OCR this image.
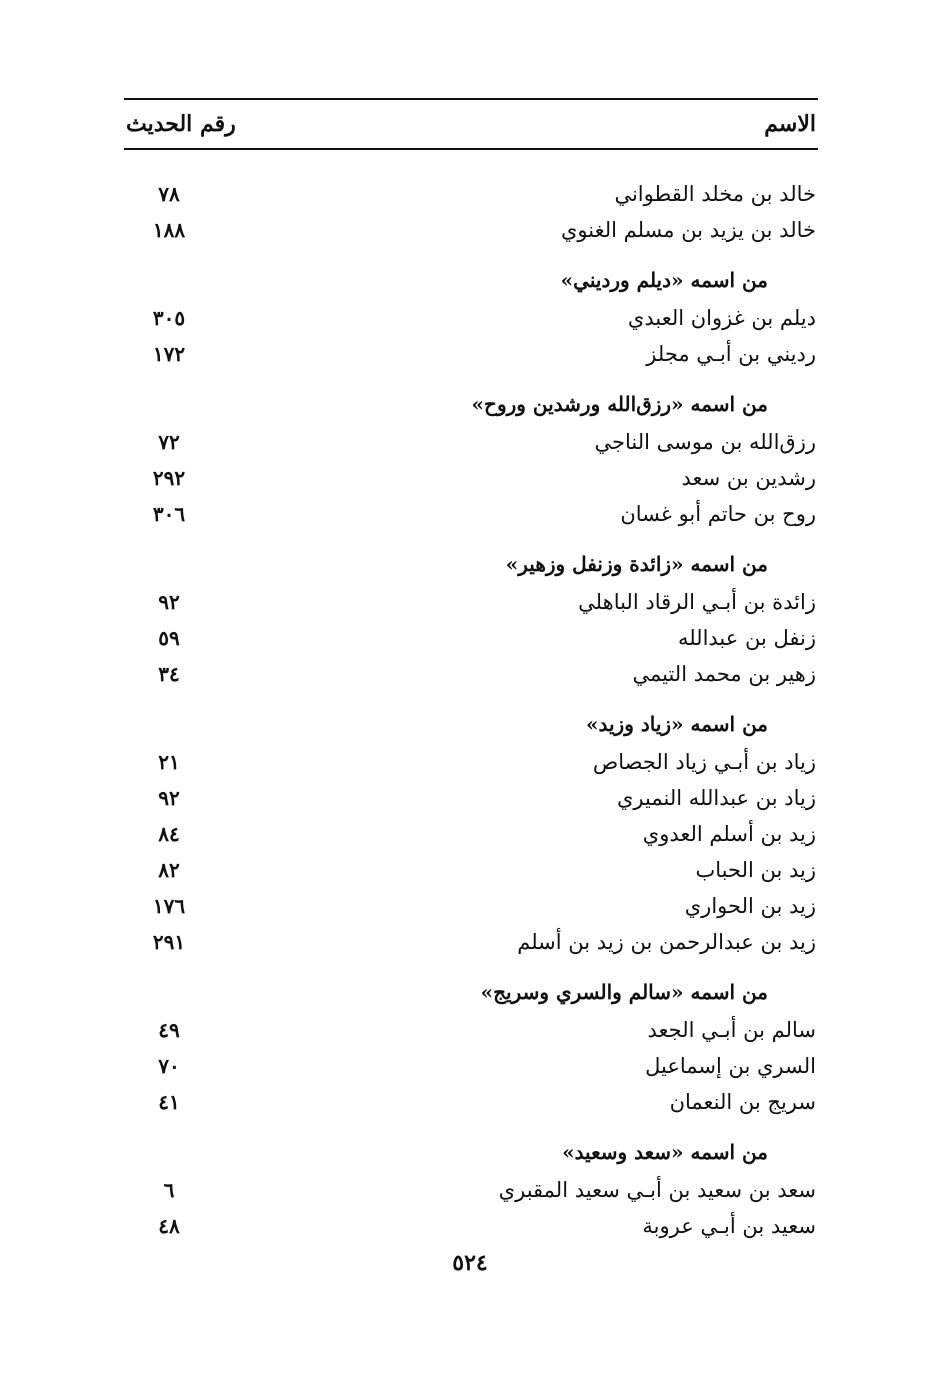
الاسم
رقم الحديث
خالد بن مخلد القطواني
٧٨
خالد بن يزيد بن مسلم الغنوي
١٨٨
من اسمه «ديلم ورديني»
ديلم بن غزوان العبدي
٣٠٥
رديني بن أبـي مجلز
١٧٢
من اسمه «رزق‌الله ورشدين وروح»
رزق‌الله بن موسى الناجي
٧٢
رشدين بن سعد
٢٩٢
روح بن حاتم أبو غسان
٣٠٦
من اسمه «زائدة وزنفل وزهير»
زائدة بن أبـي الرقاد الباهلي
٩٢
زنفل بن عبدالله
٥٩
زهير بن محمد التيمي
٣٤
من اسمه «زياد وزيد»
زياد بن أبـي زياد الجصاص
٢١
زياد بن عبدالله النميري
٩٢
زيد بن أسلم العدوي
٨٤
زيد بن الحباب
٨٢
زيد بن الحواري
١٧٦
زيد بن عبدالرحمن بن زيد بن أسلم
٢٩١
من اسمه «سالم والسري وسريج»
سالم بن أبـي الجعد
٤٩
السري بن إسماعيل
٧٠
سريج بن النعمان
٤١
من اسمه «سعد وسعيد»
سعد بن سعيد بن أبـي سعيد المقبري
٦
سعيد بن أبـي عروبة
٤٨
٥٢٤
